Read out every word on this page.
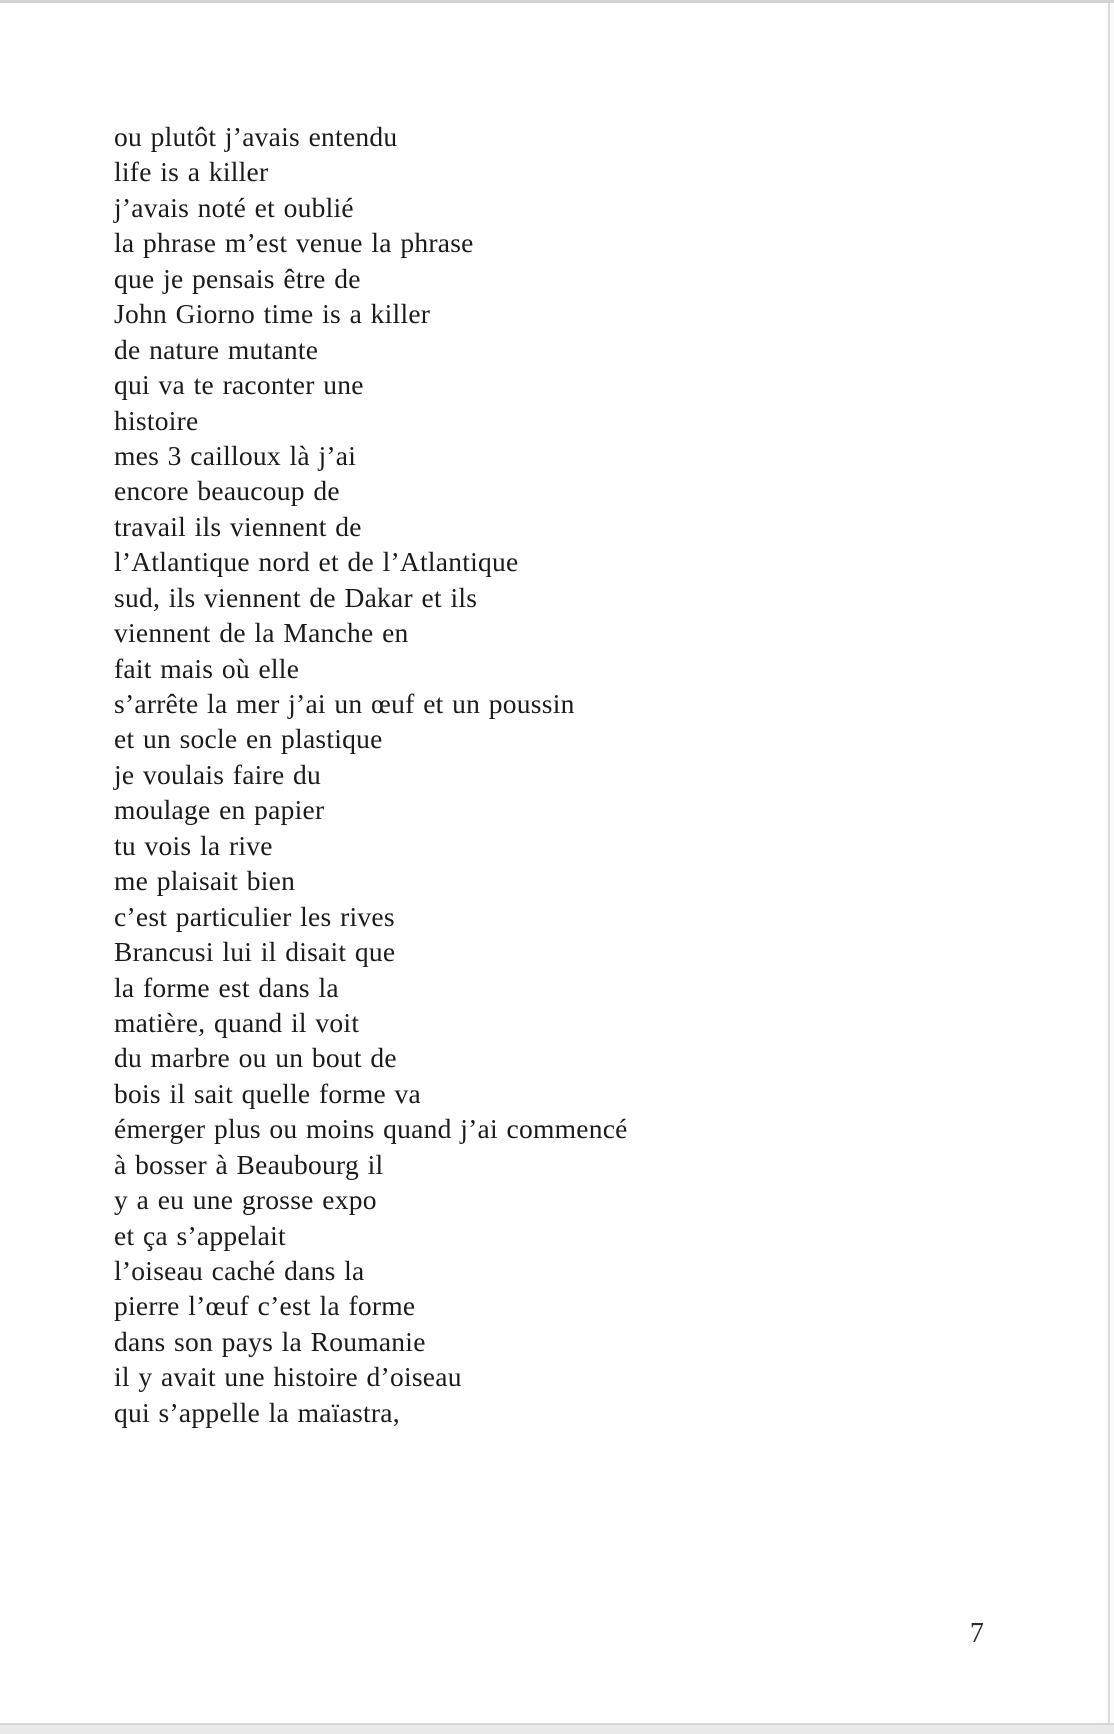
ou plutôt j’avais entendu
life is a killer
j’avais noté et oublié
la phrase m’est venue la phrase
que je pensais être de
John Giorno time is a killer
de nature mutante
qui va te raconter une
histoire
mes 3 cailloux là j’ai
encore beaucoup de
travail ils viennent de
l’Atlantique nord et de l’Atlantique
sud, ils viennent de Dakar et ils
viennent de la Manche en
fait mais où elle
s’arrête la mer j’ai un œuf et un poussin
et un socle en plastique
je voulais faire du
moulage en papier
tu vois la rive
me plaisait bien
c’est particulier les rives
Brancusi lui il disait que
la forme est dans la
matière, quand il voit
du marbre ou un bout de
bois il sait quelle forme va
émerger plus ou moins quand j’ai commencé
à bosser à Beaubourg il
y a eu une grosse expo
et ça s’appelait
l’oiseau caché dans la
pierre l’œuf c’est la forme
dans son pays la Roumanie
il y avait une histoire d’oiseau
qui s’appelle la maïastra,
7
